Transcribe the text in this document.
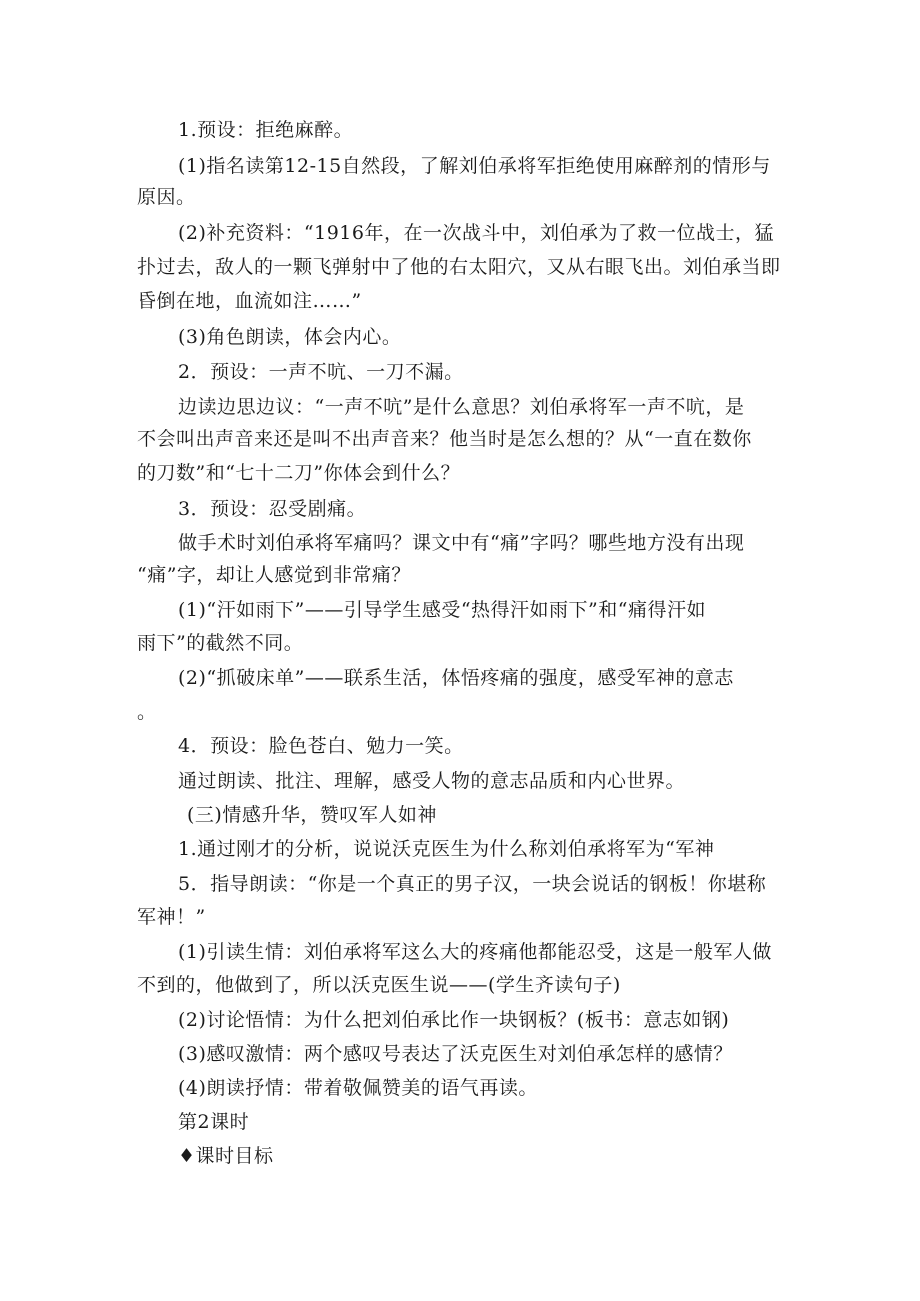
1.预设：拒绝麻醉。
(1)指名读第12-15自然段，了解刘伯承将军拒绝使用麻醉剂的情形与
原因。
(2)补充资料：“1916年，在一次战斗中，刘伯承为了救一位战士，猛
扑过去，敌人的一颗飞弹射中了他的右太阳穴，又从右眼飞出。刘伯承当即
昏倒在地，血流如注……”
(3)角色朗读，体会内心。
2．预设：一声不吭、一刀不漏。
边读边思边议：“一声不吭”是什么意思？刘伯承将军一声不吭，是
不会叫出声音来还是叫不出声音来？他当时是怎么想的？从“一直在数你
的刀数”和“七十二刀”你体会到什么？
3．预设：忍受剧痛。
做手术时刘伯承将军痛吗？课文中有“痛”字吗？哪些地方没有出现
“痛”字，却让人感觉到非常痛？
(1)“汗如雨下”——引导学生感受“热得汗如雨下”和“痛得汗如
雨下”的截然不同。
(2)“抓破床单”——联系生活，体悟疼痛的强度，感受军神的意志
。
4．预设：脸色苍白、勉力一笑。
通过朗读、批注、理解，感受人物的意志品质和内心世界。
(三)情感升华，赞叹军人如神
1.通过刚才的分析，说说沃克医生为什么称刘伯承将军为“军神
5．指导朗读：“你是一个真正的男子汉，一块会说话的钢板！你堪称
军神！”
(1)引读生情：刘伯承将军这么大的疼痛他都能忍受，这是一般军人做
不到的，他做到了，所以沃克医生说——(学生齐读句子)
(2)讨论悟情：为什么把刘伯承比作一块钢板？(板书：意志如钢)
(3)感叹激情：两个感叹号表达了沃克医生对刘伯承怎样的感情？
(4)朗读抒情：带着敬佩赞美的语气再读。
第2课时
♦课时目标
